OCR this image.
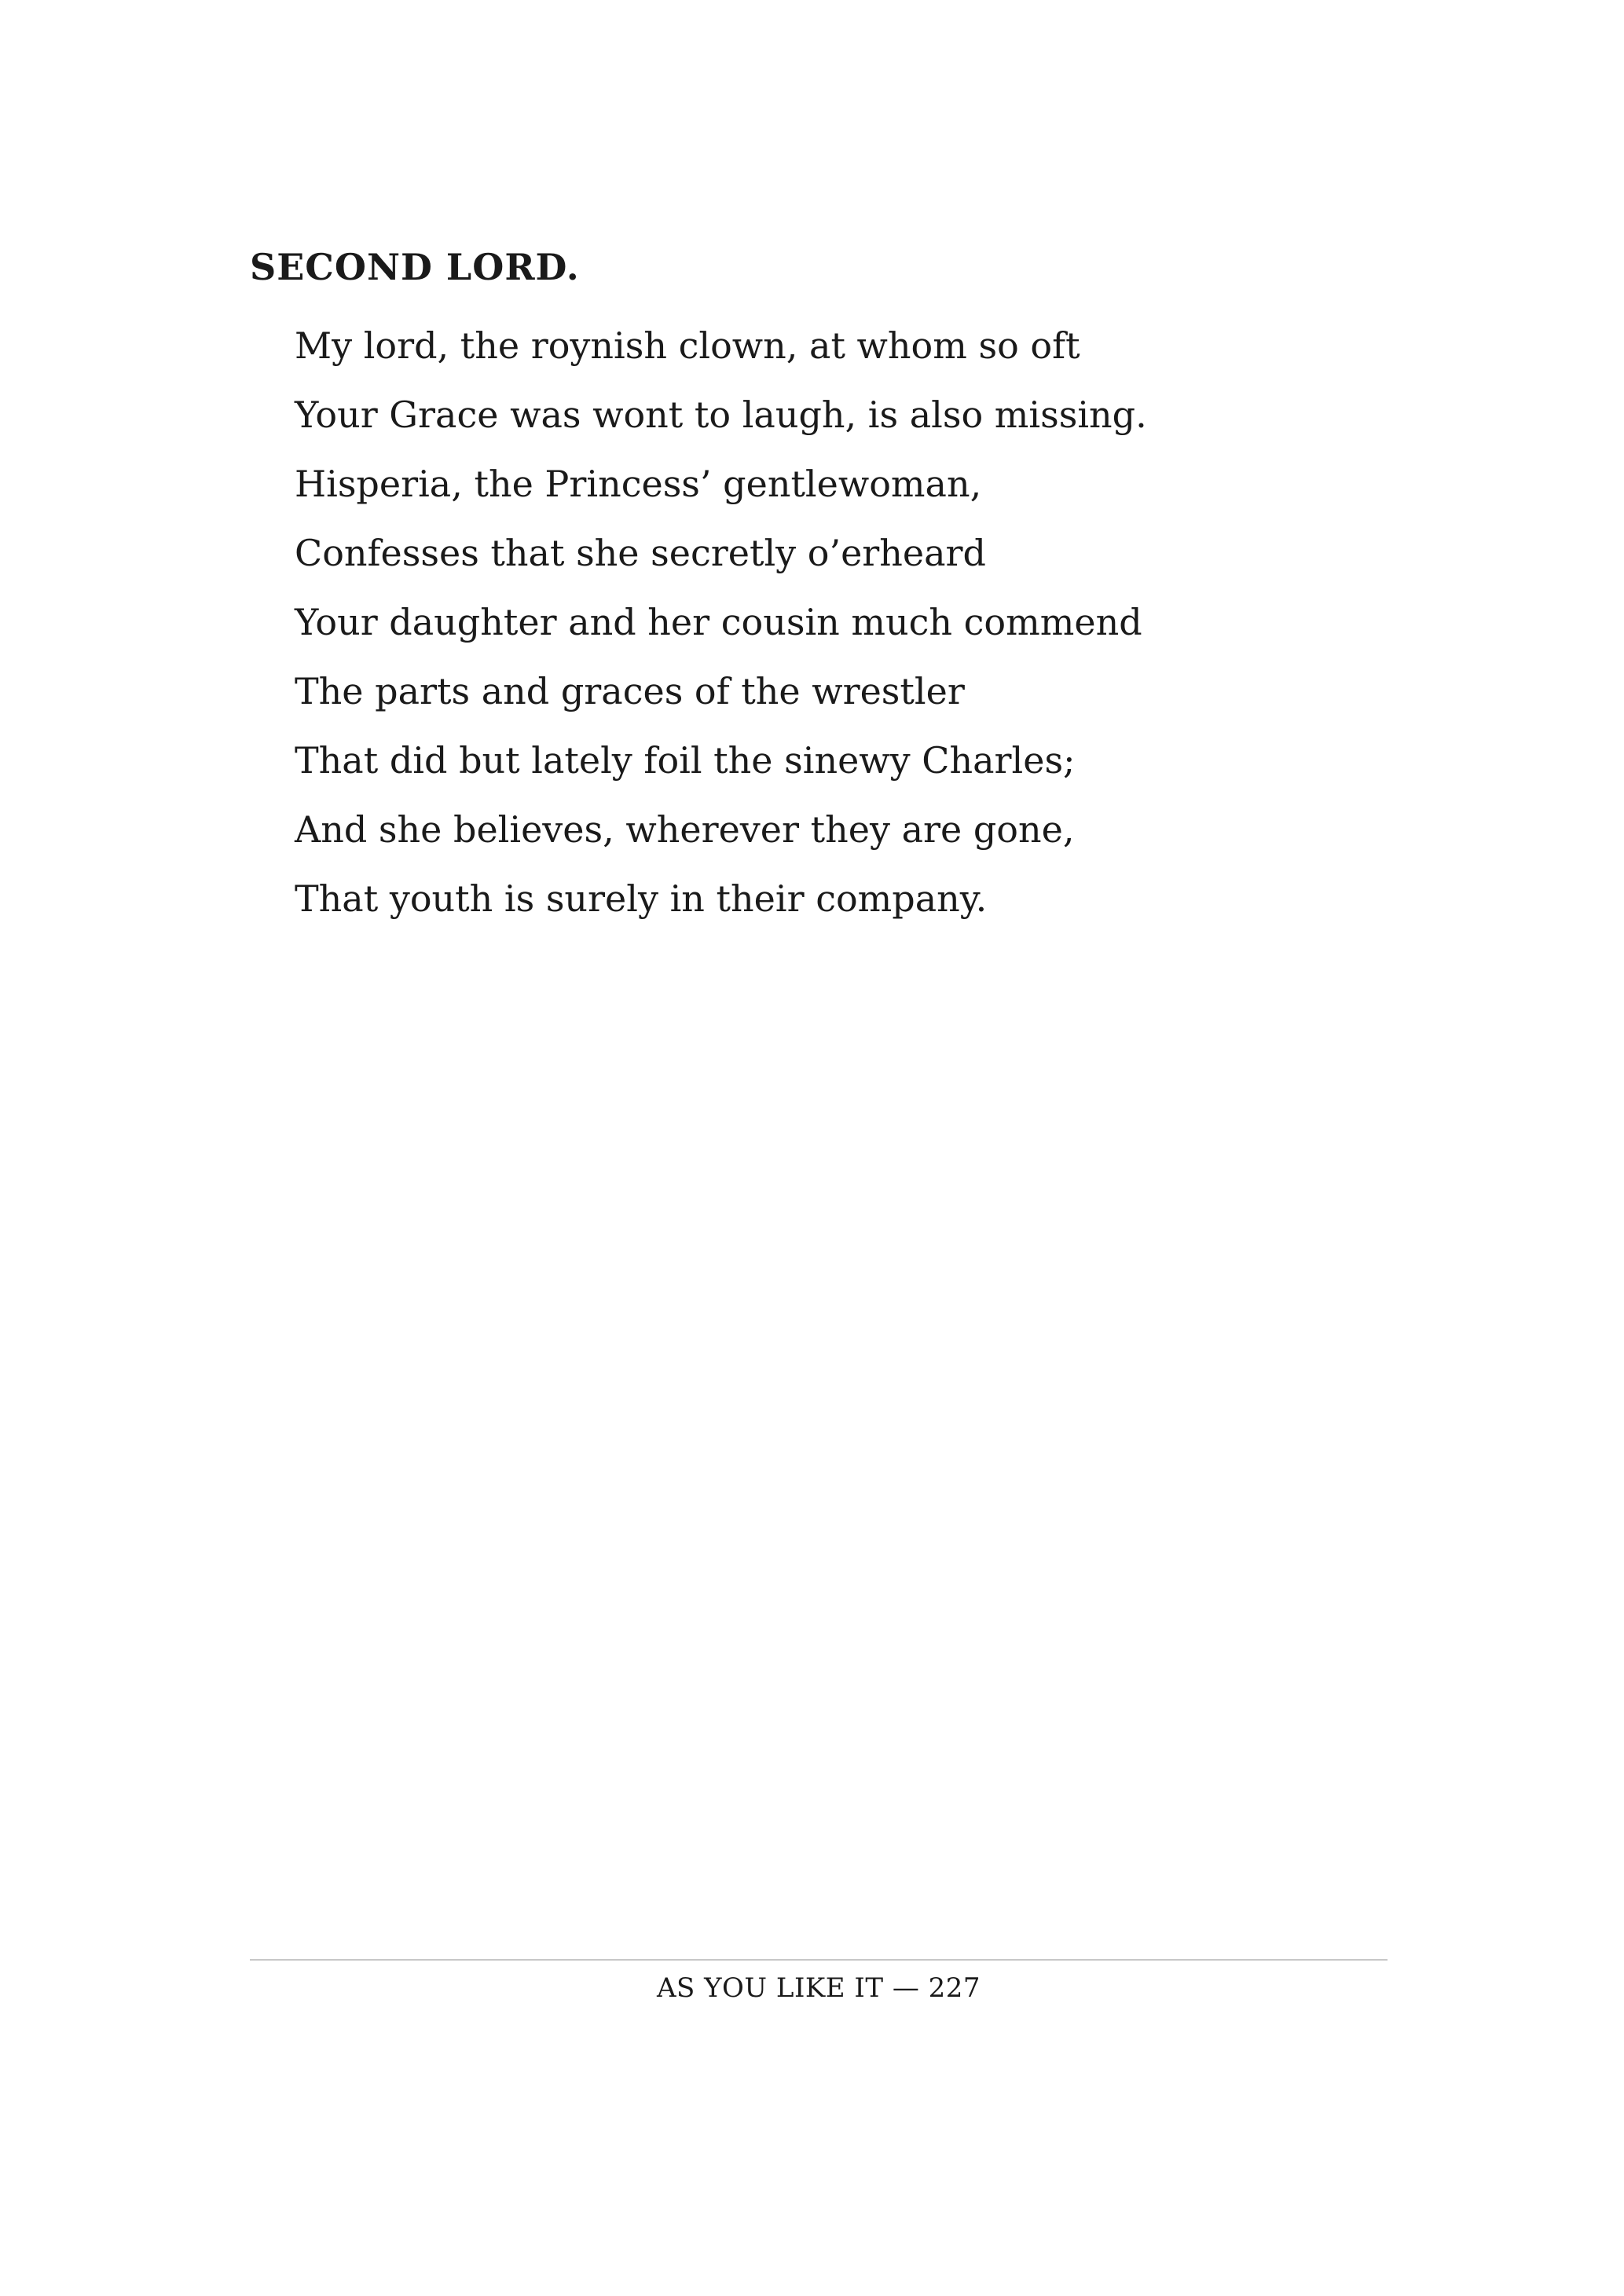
SECOND LORD.
My lord, the roynish clown, at whom so oft
Your Grace was wont to laugh, is also missing.
Hisperia, the Princess’ gentlewoman,
Confesses that she secretly o’erheard
Your daughter and her cousin much commend
The parts and graces of the wrestler
That did but lately foil the sinewy Charles;
And she believes, wherever they are gone,
That youth is surely in their company.
AS YOU LIKE IT — 227
